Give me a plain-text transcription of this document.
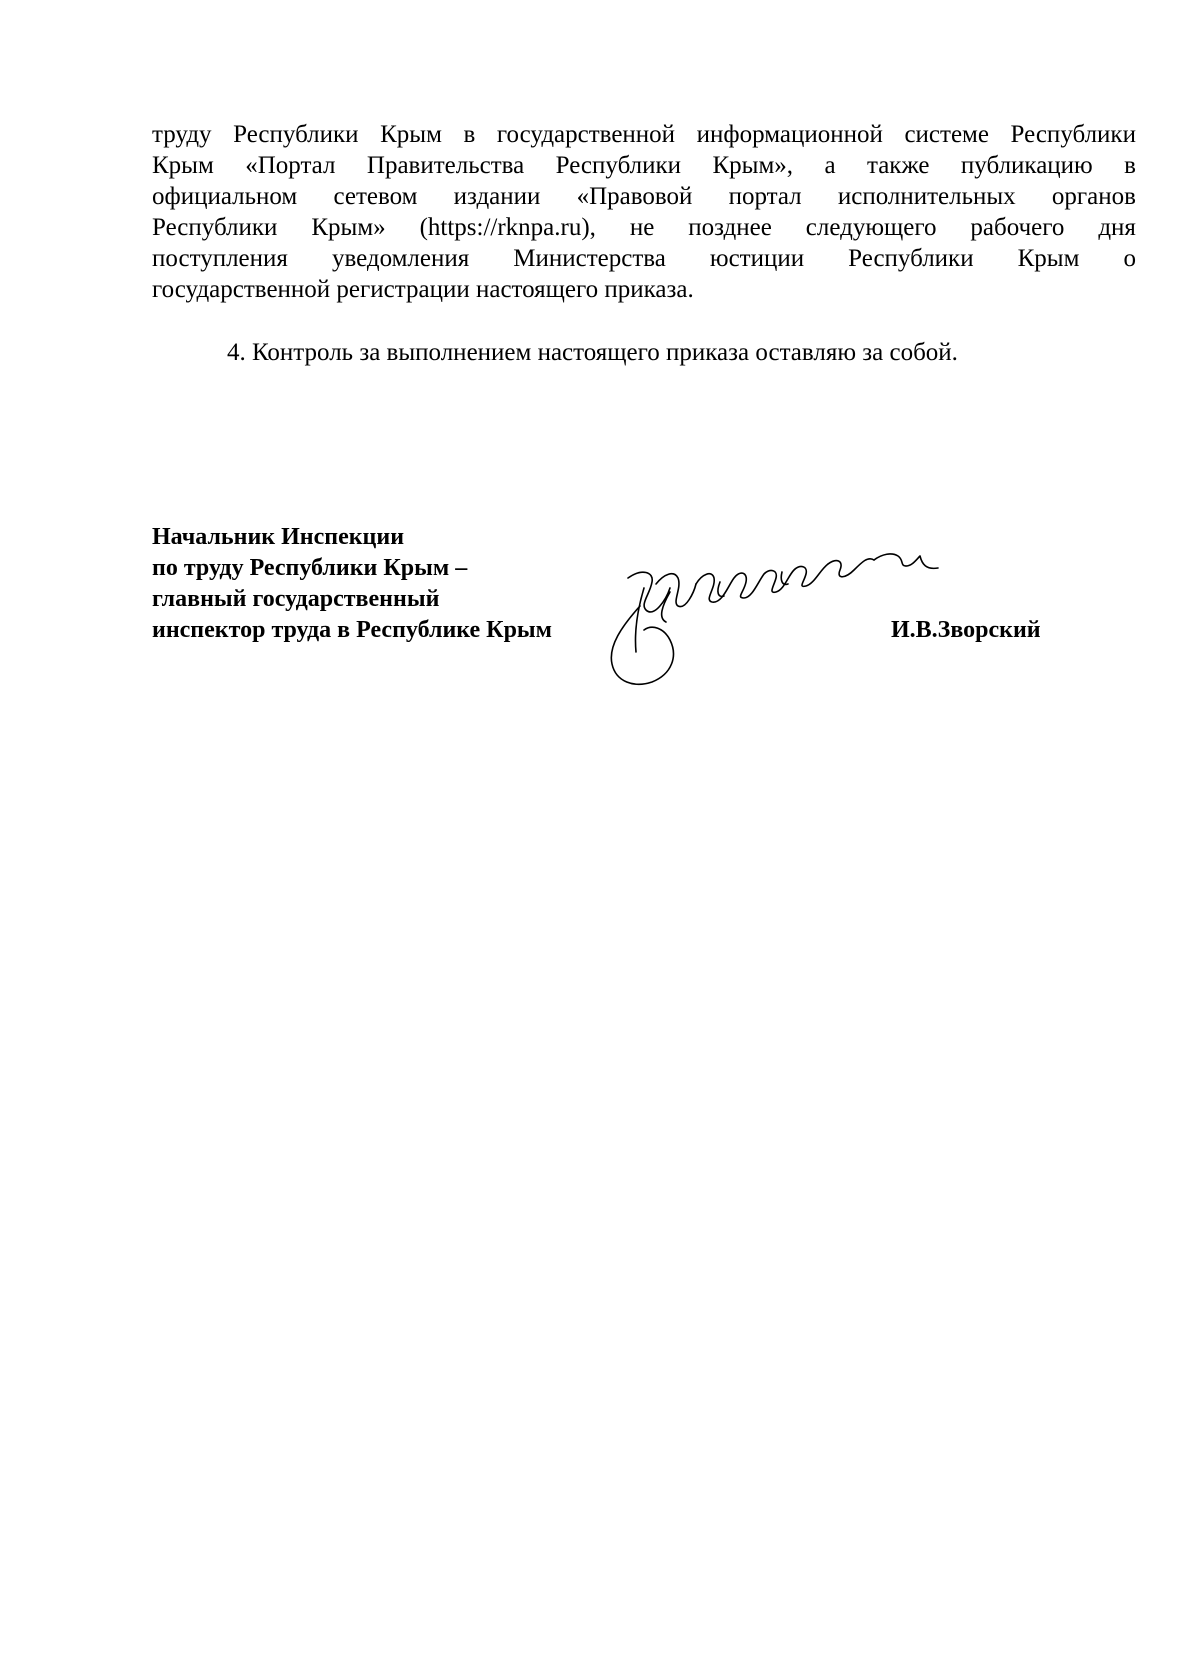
труду Республики Крым в государственной информационной системе Республики
Крым «Портал Правительства Республики Крым», а также публикацию в
официальном сетевом издании «Правовой портал исполнительных органов
Республики Крым» (https://rknpa.ru), не позднее следующего рабочего дня
поступления уведомления Министерства юстиции Республики Крым о
государственной регистрации настоящего приказа.
4. Контроль за выполнением настоящего приказа оставляю за собой.
Начальник Инспекции
по труду Республики Крым –
главный государственный
инспектор труда в Республике Крым	И.В.Зворский
